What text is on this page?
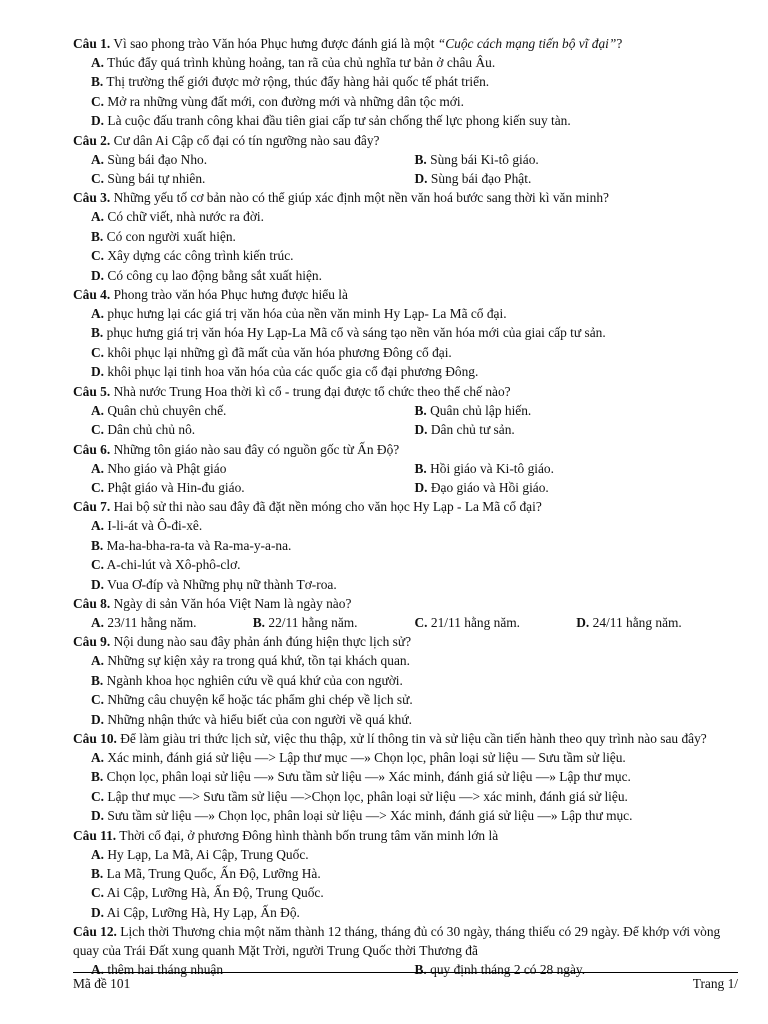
Câu 1. Vì sao phong trào Văn hóa Phục hưng được đánh giá là một “Cuộc cách mạng tiến bộ vĩ đại”?
A. Thúc đẩy quá trình khủng hoảng, tan rã của chủ nghĩa tư bản ở châu Âu.
B. Thị trường thế giới được mở rộng, thúc đẩy hàng hải quốc tế phát triển.
C. Mở ra những vùng đất mới, con đường mới và những dân tộc mới.
D. Là cuộc đấu tranh công khai đầu tiên giai cấp tư sản chống thế lực phong kiến suy tàn.
Câu 2. Cư dân Ai Cập cổ đại có tín ngưỡng nào sau đây?
A. Sùng bái đạo Nho.	B. Sùng bái Ki-tô giáo.
C. Sùng bái tự nhiên.	D. Sùng bái đạo Phật.
Câu 3. Những yếu tố cơ bản nào có thể giúp xác định một nền văn hoá bước sang thời kì văn minh?
A. Có chữ viết, nhà nước ra đời.
B. Có con người xuất hiện.
C. Xây dựng các công trình kiến trúc.
D. Có công cụ lao động bằng sắt xuất hiện.
Câu 4. Phong trào văn hóa Phục hưng được hiểu là
A. phục hưng lại các giá trị văn hóa của nền văn minh Hy Lạp- La Mã cổ đại.
B. phục hưng giá trị văn hóa Hy Lạp-La Mã cổ và sáng tạo nền văn hóa mới của giai cấp tư sản.
C. khôi phục lại những gì đã mất của văn hóa phương Đông cổ đại.
D. khôi phục lại tinh hoa văn hóa của các quốc gia cổ đại phương Đông.
Câu 5. Nhà nước Trung Hoa thời kì cổ - trung đại được tổ chức theo thể chế nào?
A. Quân chủ chuyên chế.	B. Quân chủ lập hiến.
C. Dân chủ chủ nô.	D. Dân chủ tư sản.
Câu 6. Những tôn giáo nào sau đây có nguồn gốc từ Ấn Độ?
A. Nho giáo và Phật giáo	B. Hồi giáo và Ki-tô giáo.
C. Phật giáo và Hin-đu giáo.	D. Đạo giáo và Hồi giáo.
Câu 7. Hai bộ sử thi nào sau đây đã đặt nền móng cho văn học Hy Lạp - La Mã cổ đại?
A. I-li-át và Ô-đi-xê.
B. Ma-ha-bha-ra-ta và Ra-ma-y-a-na.
C. A-chi-lút và Xô-phô-clơ.
D. Vua Ơ-đíp và Những phụ nữ thành Tơ-roa.
Câu 8. Ngày di sản Văn hóa Việt Nam là ngày nào?
A. 23/11 hằng năm.	B. 22/11 hằng năm.	C. 21/11 hằng năm.	D. 24/11 hằng năm.
Câu 9. Nội dung nào sau đây phản ánh đúng hiện thực lịch sử?
A. Những sự kiện xảy ra trong quá khứ, tồn tại khách quan.
B. Ngành khoa học nghiên cứu về quá khứ của con người.
C. Những câu chuyện kể hoặc tác phẩm ghi chép về lịch sử.
D. Những nhận thức và hiểu biết của con người về quá khứ.
Câu 10. Để làm giàu tri thức lịch sử, việc thu thập, xử lí thông tin và sử liệu cần tiến hành theo quy trình nào sau đây?
A. Xác minh, đánh giá sử liệu —> Lập thư mục —» Chọn lọc, phân loại sử liệu — Sưu tầm sử liệu.
B. Chọn lọc, phân loại sử liệu —» Sưu tầm sử liệu —» Xác minh, đánh giá sử liệu —» Lập thư mục.
C. Lập thư mục —> Sưu tầm sử liệu —>Chọn lọc, phân loại sử liệu —> xác minh, đánh giá sử liệu.
D. Sưu tầm sử liệu —» Chọn lọc, phân loại sử liệu —> Xác minh, đánh giá sử liệu —» Lập thư mục.
Câu 11. Thời cổ đại, ở phương Đông hình thành bốn trung tâm văn minh lớn là
A. Hy Lạp, La Mã, Ai Cập, Trung Quốc.
B. La Mã, Trung Quốc, Ấn Độ, Lưỡng Hà.
C. Ai Cập, Lưỡng Hà, Ấn Độ, Trung Quốc.
D. Ai Cập, Lưỡng Hà, Hy Lạp, Ấn Độ.
Câu 12. Lịch thời Thương chia một năm thành 12 tháng, tháng đủ có 30 ngày, tháng thiếu có 29 ngày. Để khớp với vòng quay của Trái Đất xung quanh Mặt Trời, người Trung Quốc thời Thương đã
A. thêm hai tháng nhuận	B. quy định tháng 2 có 28 ngày.
Mã đề 101	Trang 1/
